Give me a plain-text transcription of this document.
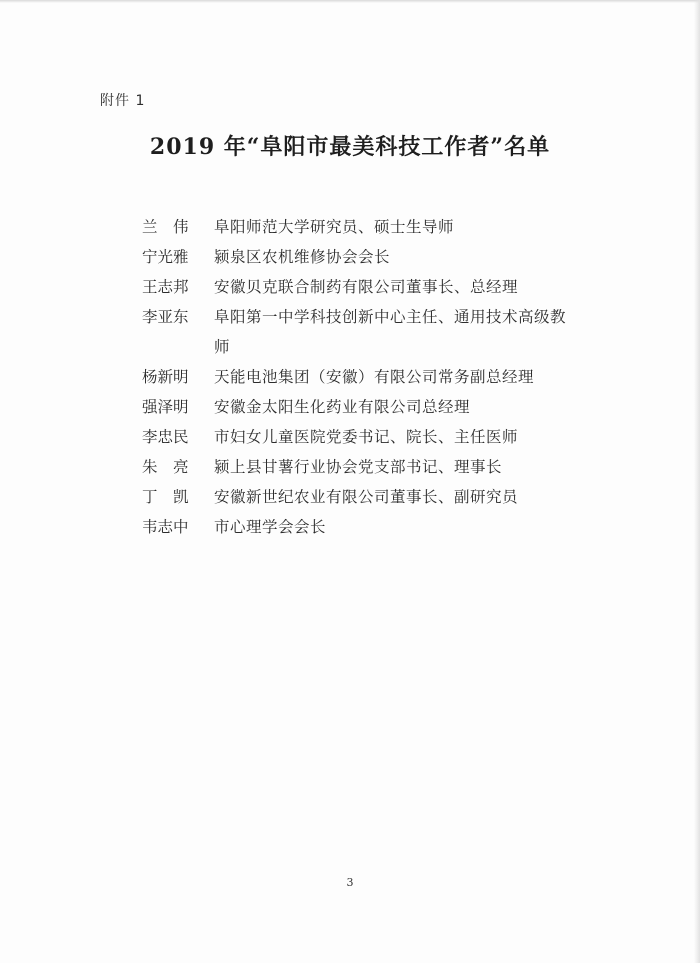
附件 1
2019 年“阜阳市最美科技工作者”名单
兰　伟	阜阳师范大学研究员、硕士生导师
宁光雅	颍泉区农机维修协会会长
王志邦	安徽贝克联合制药有限公司董事长、总经理
李亚东	阜阳第一中学科技创新中心主任、通用技术高级教师
杨新明	天能电池集团（安徽）有限公司常务副总经理
强泽明	安徽金太阳生化药业有限公司总经理
李忠民	市妇女儿童医院党委书记、院长、主任医师
朱　亮	颍上县甘薯行业协会党支部书记、理事长
丁　凯	安徽新世纪农业有限公司董事长、副研究员
韦志中	市心理学会会长
3
